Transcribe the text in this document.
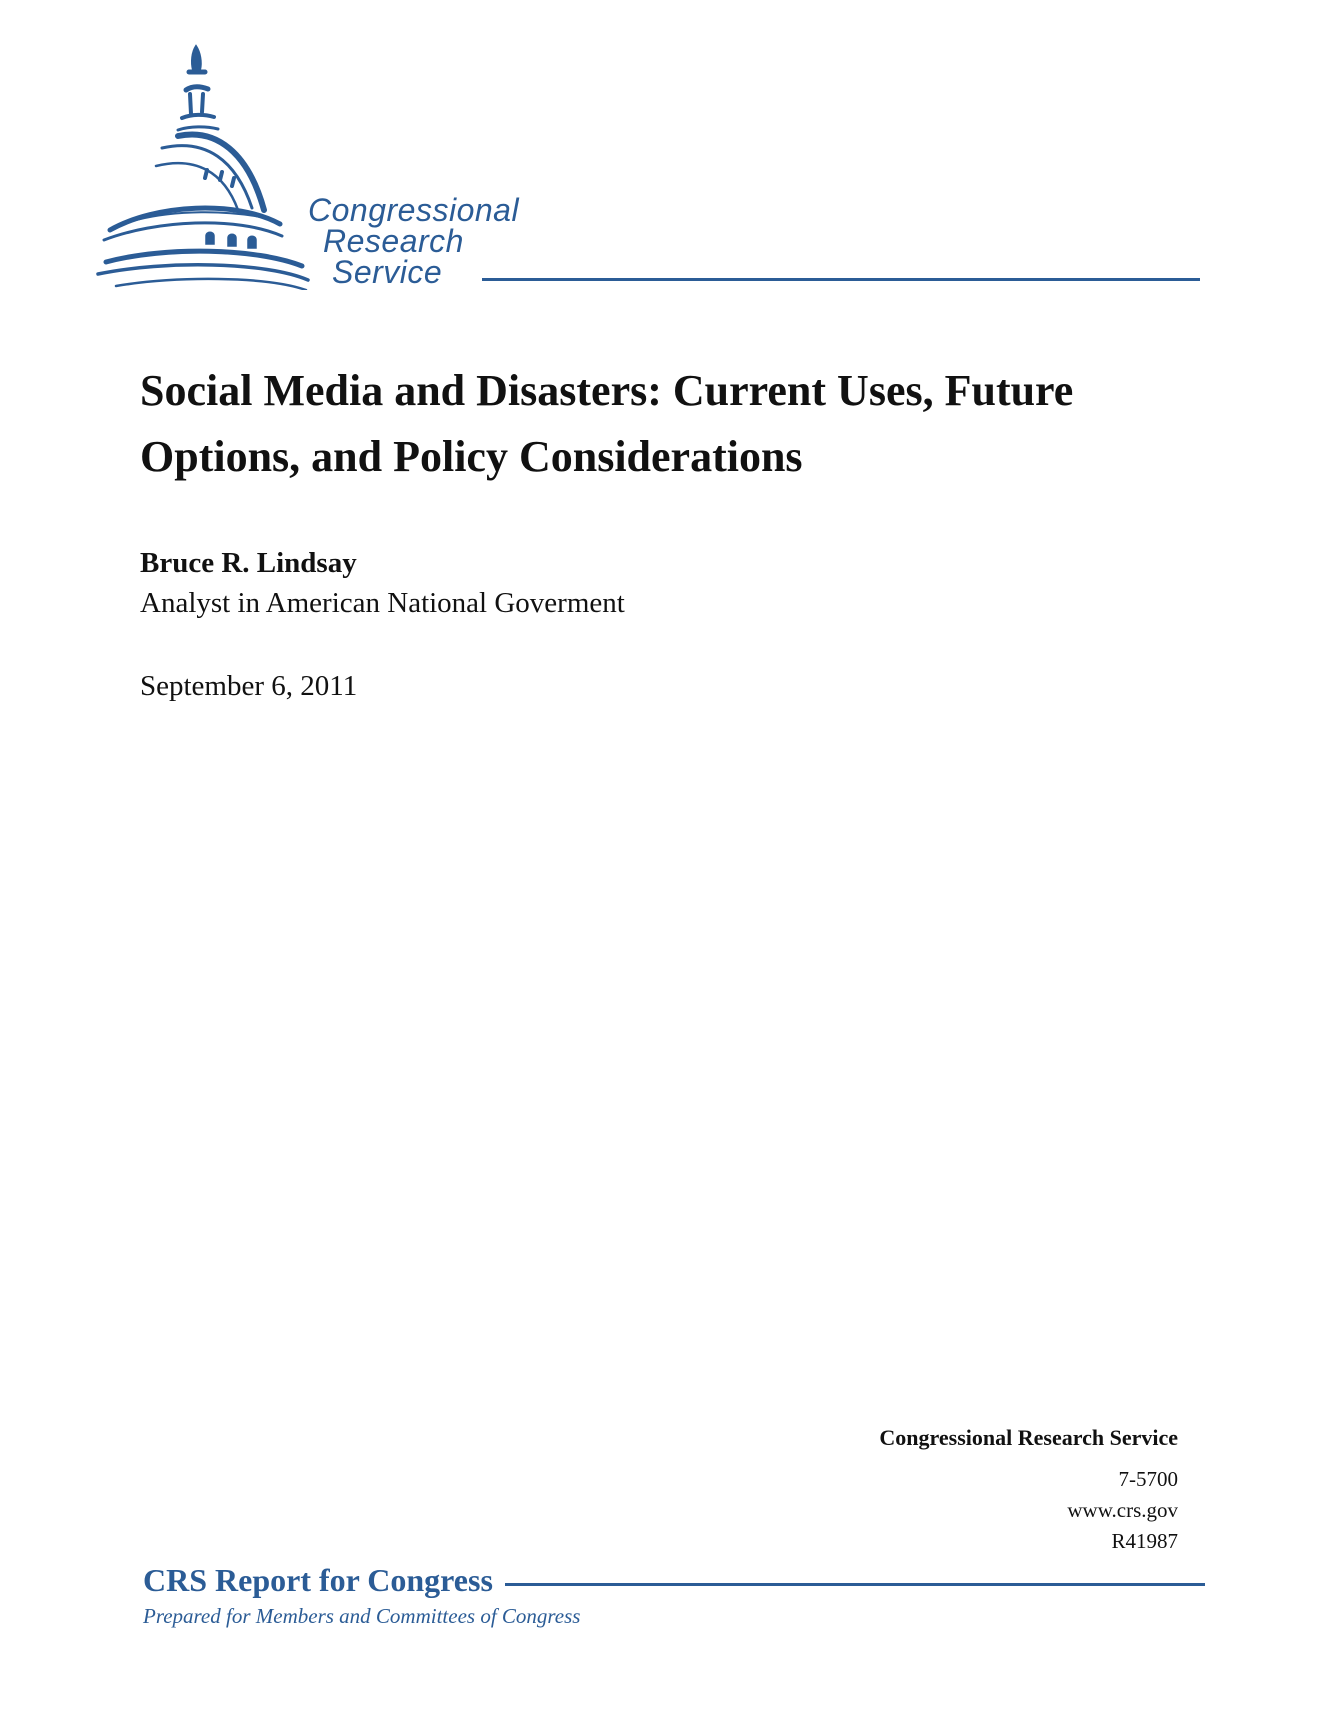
Congressional
Research
Service
Social Media and Disasters: Current Uses, Future Options, and Policy Considerations

Bruce R. Lindsay

Analyst in American National Goverment

September 6, 2011

Congressional Research Service
7-5700
www.crs.gov
R41987

CRS Report for Congress

Prepared for Members and Committees of Congress
